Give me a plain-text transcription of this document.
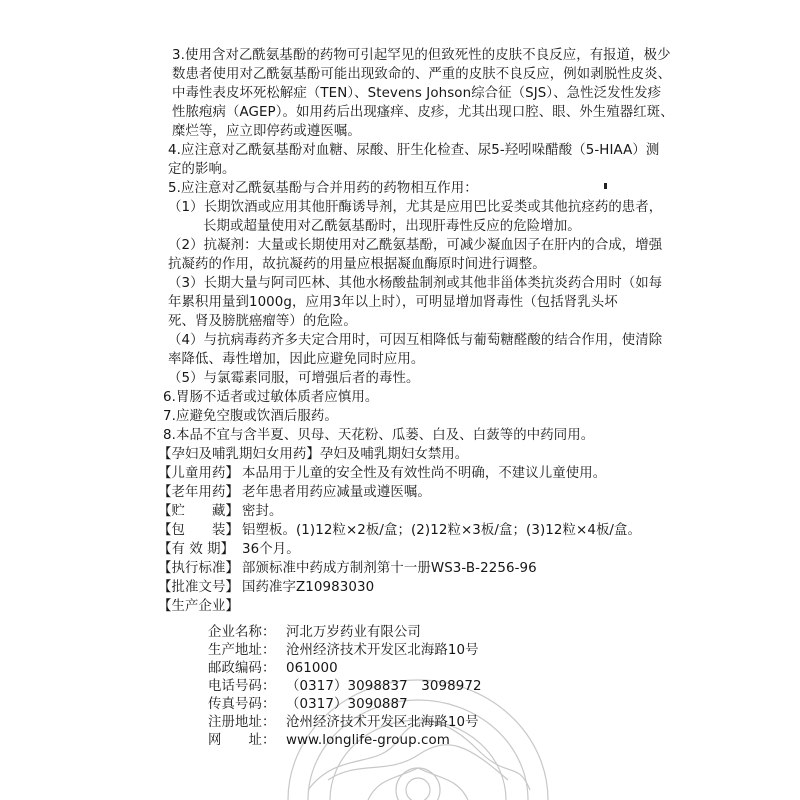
3.使用含对乙酰氨基酚的药物可引起罕见的但致死性的皮肤不良反应，有报道，极少
数患者使用对乙酰氨基酚可能出现致命的、严重的皮肤不良反应，例如剥脱性皮炎、
中毒性表皮坏死松解症（TEN）、Stevens Johson综合征（SJS）、急性泛发性发疹
性脓疱病（AGEP）。如用药后出现瘙痒、皮疹，尤其出现口腔、眼、外生殖器红斑、
糜烂等，应立即停药或遵医嘱。
4.应注意对乙酰氨基酚对血糖、尿酸、肝生化检查、尿5-羟吲哚醋酸（5-HIAA）测
定的影响。
5.应注意对乙酰氨基酚与合并用药的药物相互作用：
（1）长期饮酒或应用其他肝酶诱导剂，尤其是应用巴比妥类或其他抗痉药的患者，
长期或超量使用对乙酰氨基酚时，出现肝毒性反应的危险增加。
（2）抗凝剂：大量或长期使用对乙酰氨基酚，可减少凝血因子在肝内的合成，增强
抗凝药的作用，故抗凝药的用量应根据凝血酶原时间进行调整。
（3）长期大量与阿司匹林、其他水杨酸盐制剂或其他非甾体类抗炎药合用时（如每
年累积用量到1000g，应用3年以上时），可明显增加肾毒性（包括肾乳头坏
死、肾及膀胱癌瘤等）的危险。
（4）与抗病毒药齐多夫定合用时，可因互相降低与葡萄糖醛酸的结合作用，使清除
率降低、毒性增加，因此应避免同时应用。
（5）与氯霉素同服，可增强后者的毒性。
6.胃肠不适者或过敏体质者应慎用。
7.应避免空腹或饮酒后服药。
8.本品不宜与含半夏、贝母、天花粉、瓜蒌、白及、白蔹等的中药同用。
【孕妇及哺乳期妇女用药】孕妇及哺乳期妇女禁用。
【儿童用药】 本品用于儿童的安全性及有效性尚不明确，不建议儿童使用。
【老年用药】 老年患者用药应减量或遵医嘱。
【贮　　藏】 密封。
【包　　装】 铝塑板。(1)12粒×2板/盒；(2)12粒×3板/盒；(3)12粒×4板/盒。
【有 效 期】 36个月。
【执行标准】 部颁标准中药成方制剂第十一册WS3-B-2256-96
【批准文号】 国药准字Z10983030
【生产企业】
企业名称： 河北万岁药业有限公司
生产地址： 沧州经济技术开发区北海路10号
邮政编码： 061000
电话号码： （0317）3098837　3098972
传真号码： （0317）3090887
注册地址： 沧州经济技术开发区北海路10号
网　　址： www.longlife-group.com
